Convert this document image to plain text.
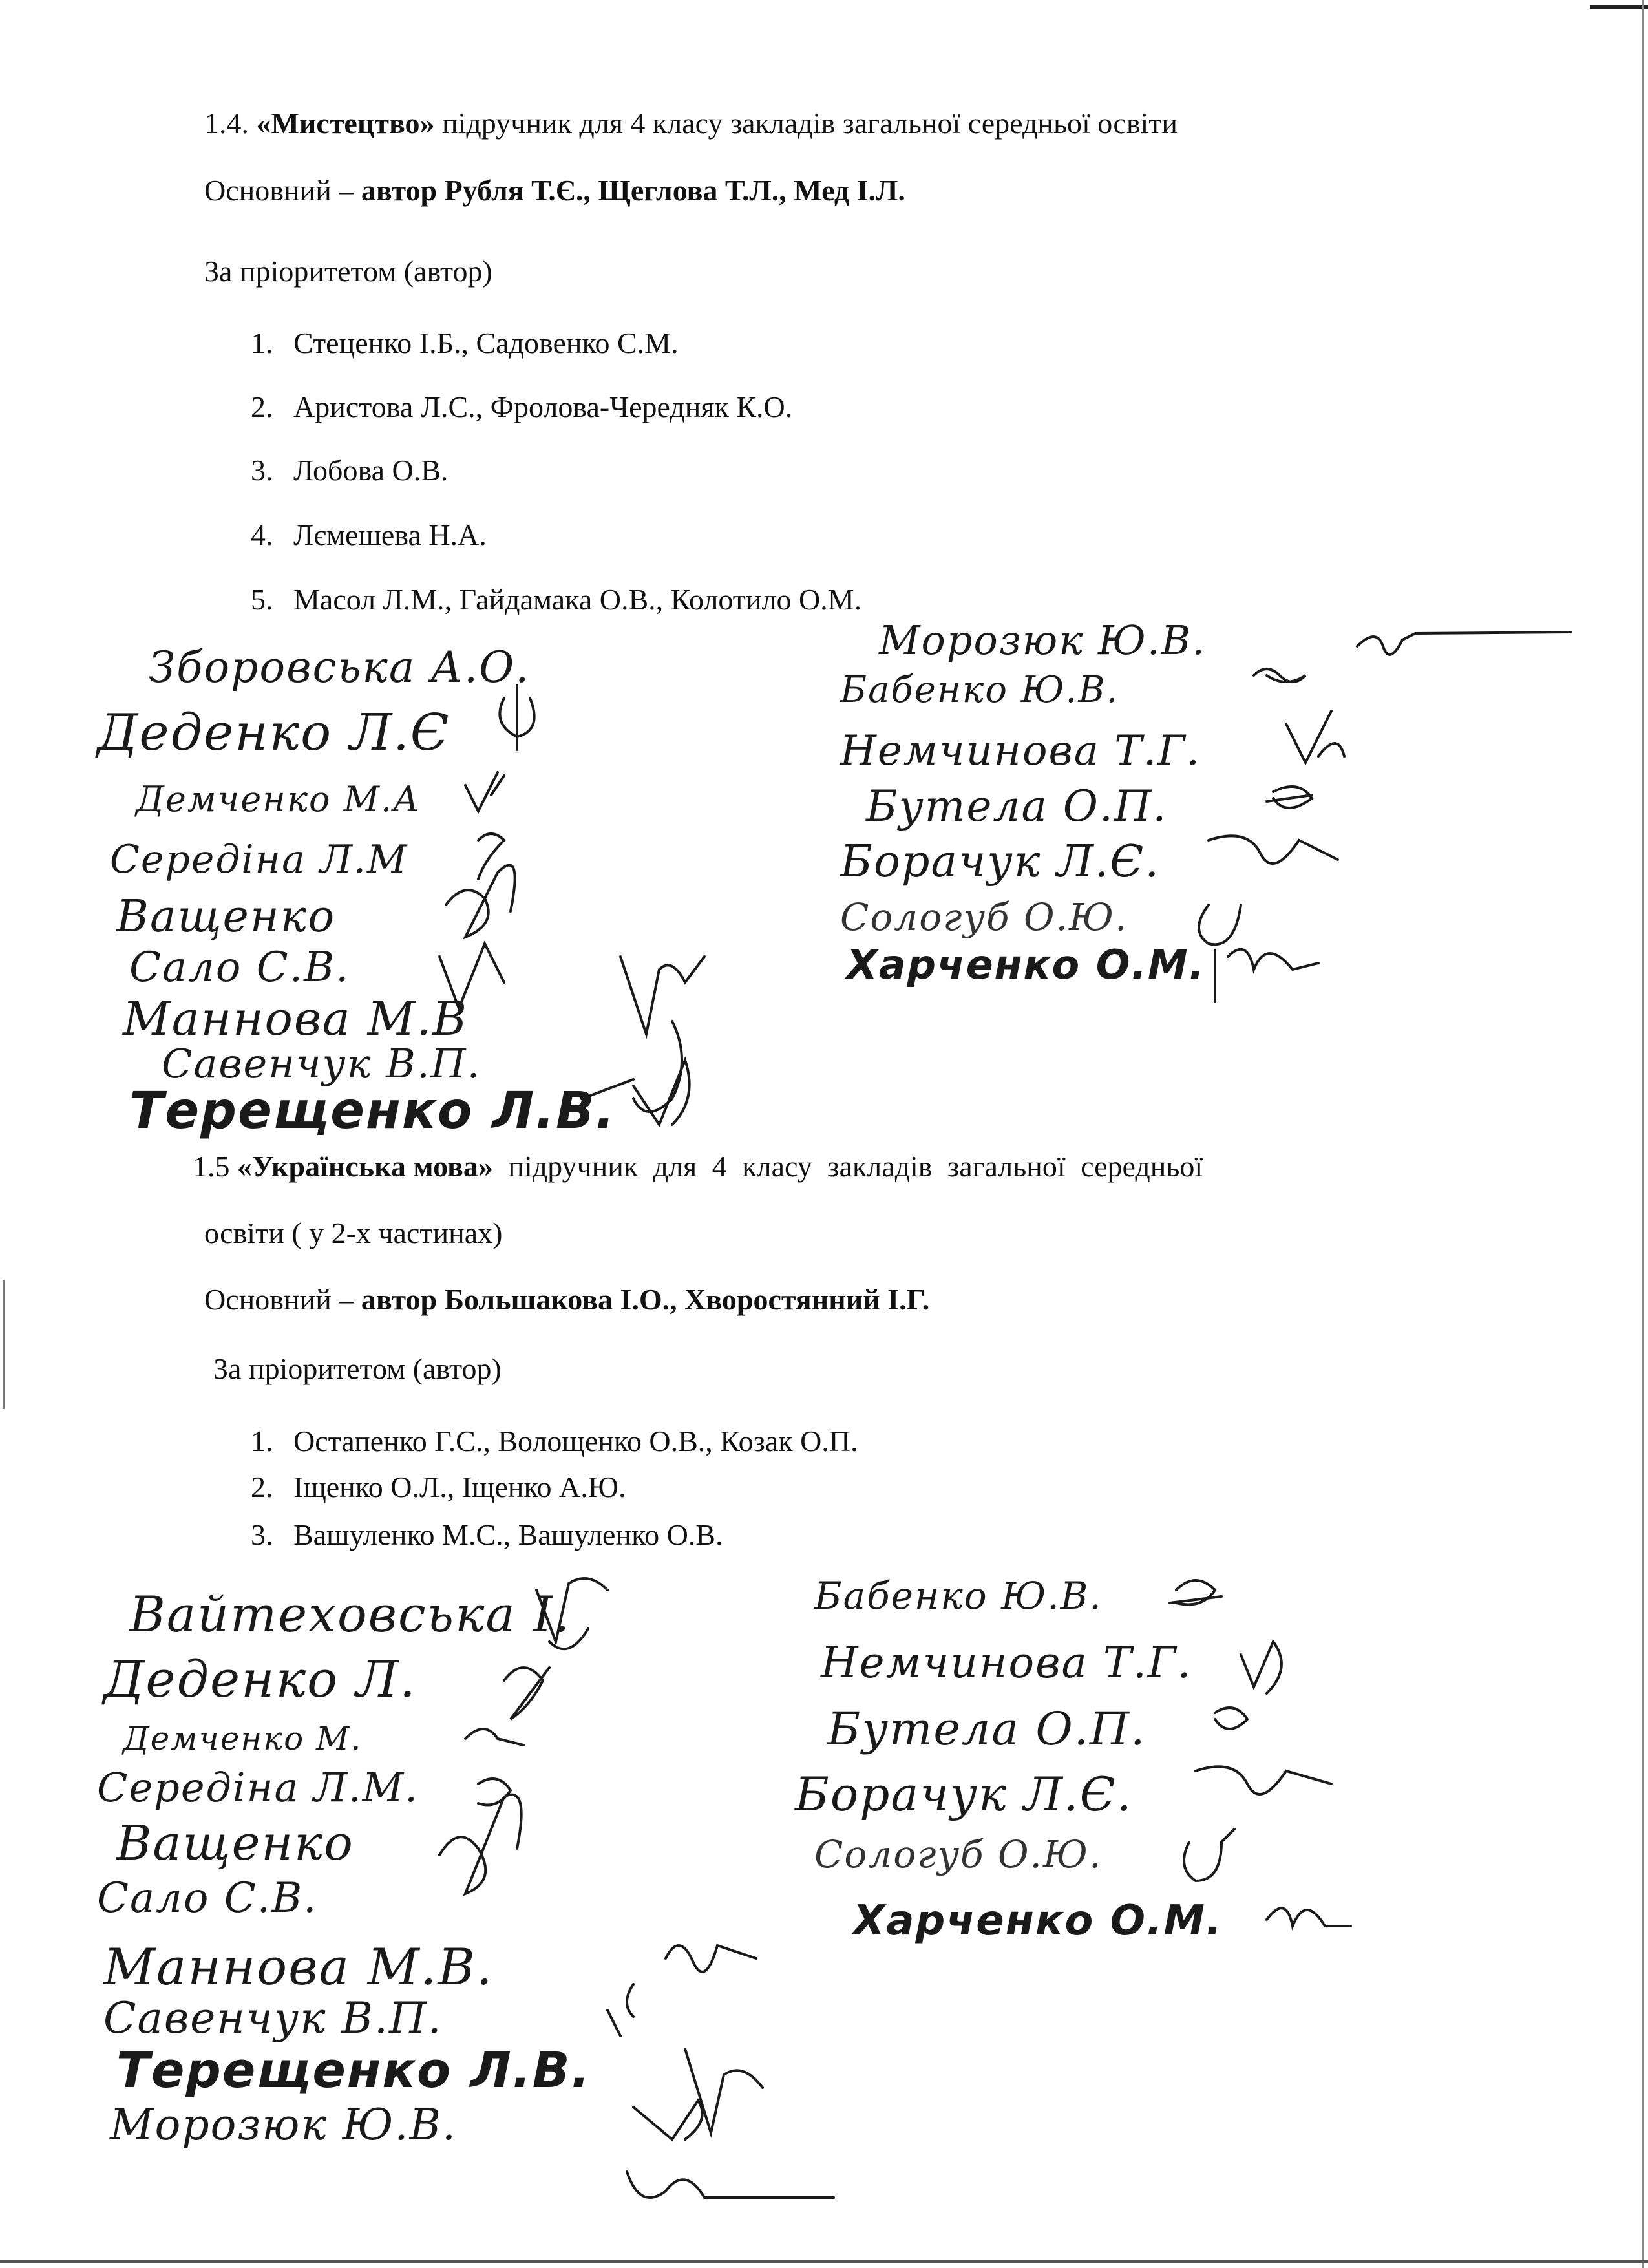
1.4. «Мистецтво» підручник для 4 класу закладів загальної середньої освіти
Основний – автор Рубля Т.Є., Щеглова Т.Л., Мед І.Л.
За пріоритетом (автор)
1. Стеценко І.Б., Садовенко С.М.
2. Аристова Л.С., Фролова-Чередняк К.О.
3. Лобова О.В.
4. Лємешева Н.А.
5. Масол Л.М., Гайдамака О.В., Колотило О.М.
Зборовська А.О.
Деденко Л.Є
Демченко М.А
Середіна Л.М
Ващенко
Сало С.В.
Маннова М.В
Савенчук В.П.
Терещенко Л.В.
Морозюк Ю.В.
Бабенко Ю.В.
Немчинова Т.Г.
Бутела О.П.
Борачук Л.Є.
Сологуб О.Ю.
Харченко О.М.
1.5 «Українська мова» підручник для 4 класу закладів загальної середньої
освіти ( у 2-х частинах)
Основний – автор Большакова І.О., Хворостянний І.Г.
За пріоритетом (автор)
1. Остапенко Г.С., Волощенко О.В., Козак О.П.
2. Іщенко О.Л., Іщенко А.Ю.
3. Вашуленко М.С., Вашуленко О.В.
Вайтеховська І.
Деденко Л.
Демченко М.
Середіна Л.М.
Ващенко
Сало С.В.
Маннова М.В.
Савенчук В.П.
Терещенко Л.В.
Морозюк Ю.В.
Бабенко Ю.В.
Немчинова Т.Г.
Бутела О.П.
Борачук Л.Є.
Сологуб О.Ю.
Харченко О.М.
